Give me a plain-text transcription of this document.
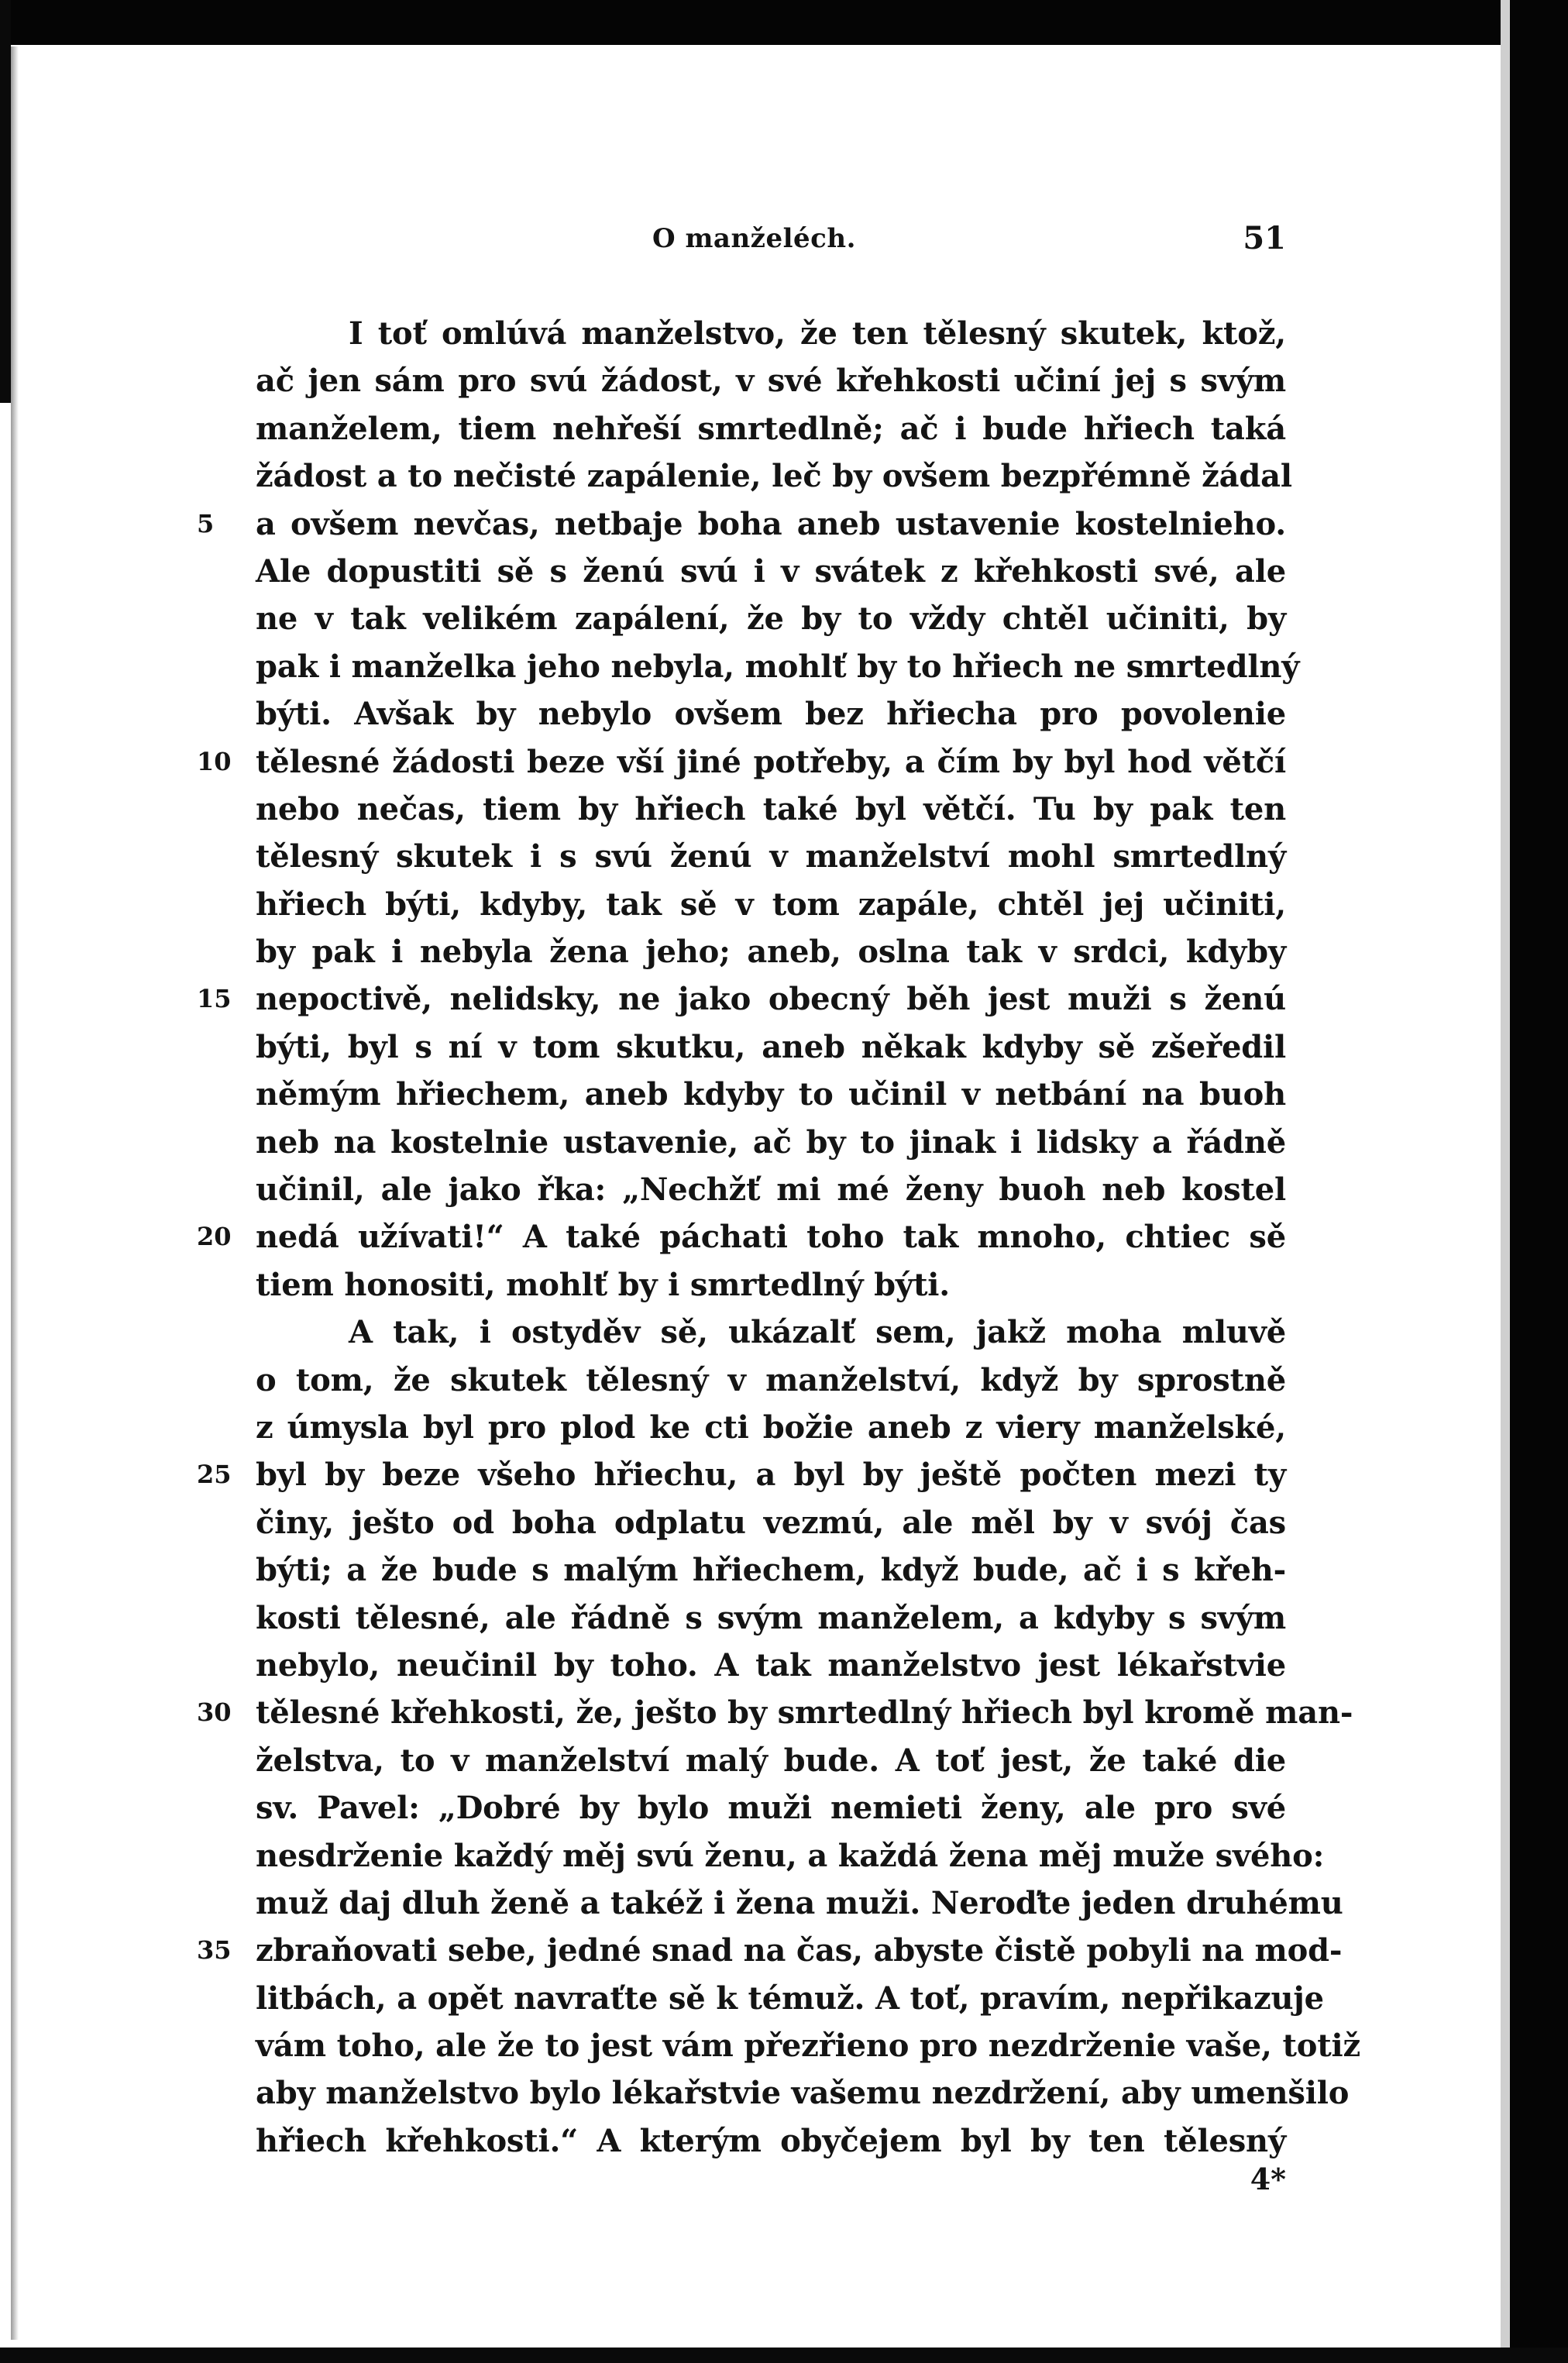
O manželéch.	51
I toť omlúvá manželstvo, že ten tělesný skutek, ktož,
ač jen sám pro svú žádost, v své křehkosti učiní jej s svým
manželem, tiem nehřeší smrtedlně; ač i bude hřiech taká
žádost a to nečisté zapálenie, leč by ovšem bezpřémně žádal
5	a ovšem nevčas, netbaje boha aneb ustavenie kostelnieho.
Ale dopustiti sě s ženú svú i v svátek z křehkosti své, ale
ne v tak velikém zapálení, že by to vždy chtěl učiniti, by
pak i manželka jeho nebyla, mohlť by to hřiech ne smrtedlný
býti. Avšak by nebylo ovšem bez hřiecha pro povolenie
10 tělesné žádosti beze vší jiné potřeby, a čím by byl hod větčí
nebo nečas, tiem by hřiech také byl větčí. Tu by pak ten
tělesný skutek i s svú ženú v manželství mohl smrtedlný
hřiech býti, kdyby, tak sě v tom zapále, chtěl jej učiniti,
by pak i nebyla žena jeho; aneb, oslna tak v srdci, kdyby
15 nepoctivě, nelidsky, ne jako obecný běh jest muži s ženú
býti, byl s ní v tom skutku, aneb někak kdyby sě zšeředil
němým hřiechem, aneb kdyby to učinil v netbání na buoh
neb na kostelnie ustavenie, ač by to jinak i lidsky a řádně
učinil, ale jako řka: „Nechžť mi mé ženy buoh neb kostel
20 nedá užívati!“ A také páchati toho tak mnoho, chtiec sě
tiem honositi, mohlť by i smrtedlný býti.
A tak, i ostyděv sě, ukázalť sem, jakž moha mluvě
o tom, že skutek tělesný v manželství, když by sprostně
z úmysla byl pro plod ke cti božie aneb z viery manželské,
25 byl by beze všeho hřiechu, a byl by ještě počten mezi ty
činy, ješto od boha odplatu vezmú, ale měl by v svój čas
býti; a že bude s malým hřiechem, když bude, ač i s křeh-
kosti tělesné, ale řádně s svým manželem, a kdyby s svým
nebylo, neučinil by toho. A tak manželstvo jest lékařstvie
30 tělesné křehkosti, že, ješto by smrtedlný hřiech byl kromě man-
želstva, to v manželství malý bude. A toť jest, že také die
sv. Pavel: „Dobré by bylo muži nemieti ženy, ale pro své
nesdrženie každý měj svú ženu, a každá žena měj muže svého:
muž daj dluh ženě a takéž i žena muži. Neroďte jeden druhému
35 zbraňovati sebe, jedné snad na čas, abyste čistě pobyli na mod-
litbách, a opět navraťte sě k témuž. A toť, pravím, nepřikazuje
vám toho, ale že to jest vám přezřieno pro nezdrženie vaše, totiž
aby manželstvo bylo lékařstvie vašemu nezdržení, aby umenšilo
hřiech křehkosti.“ A kterým obyčejem byl by ten tělesný
4*
